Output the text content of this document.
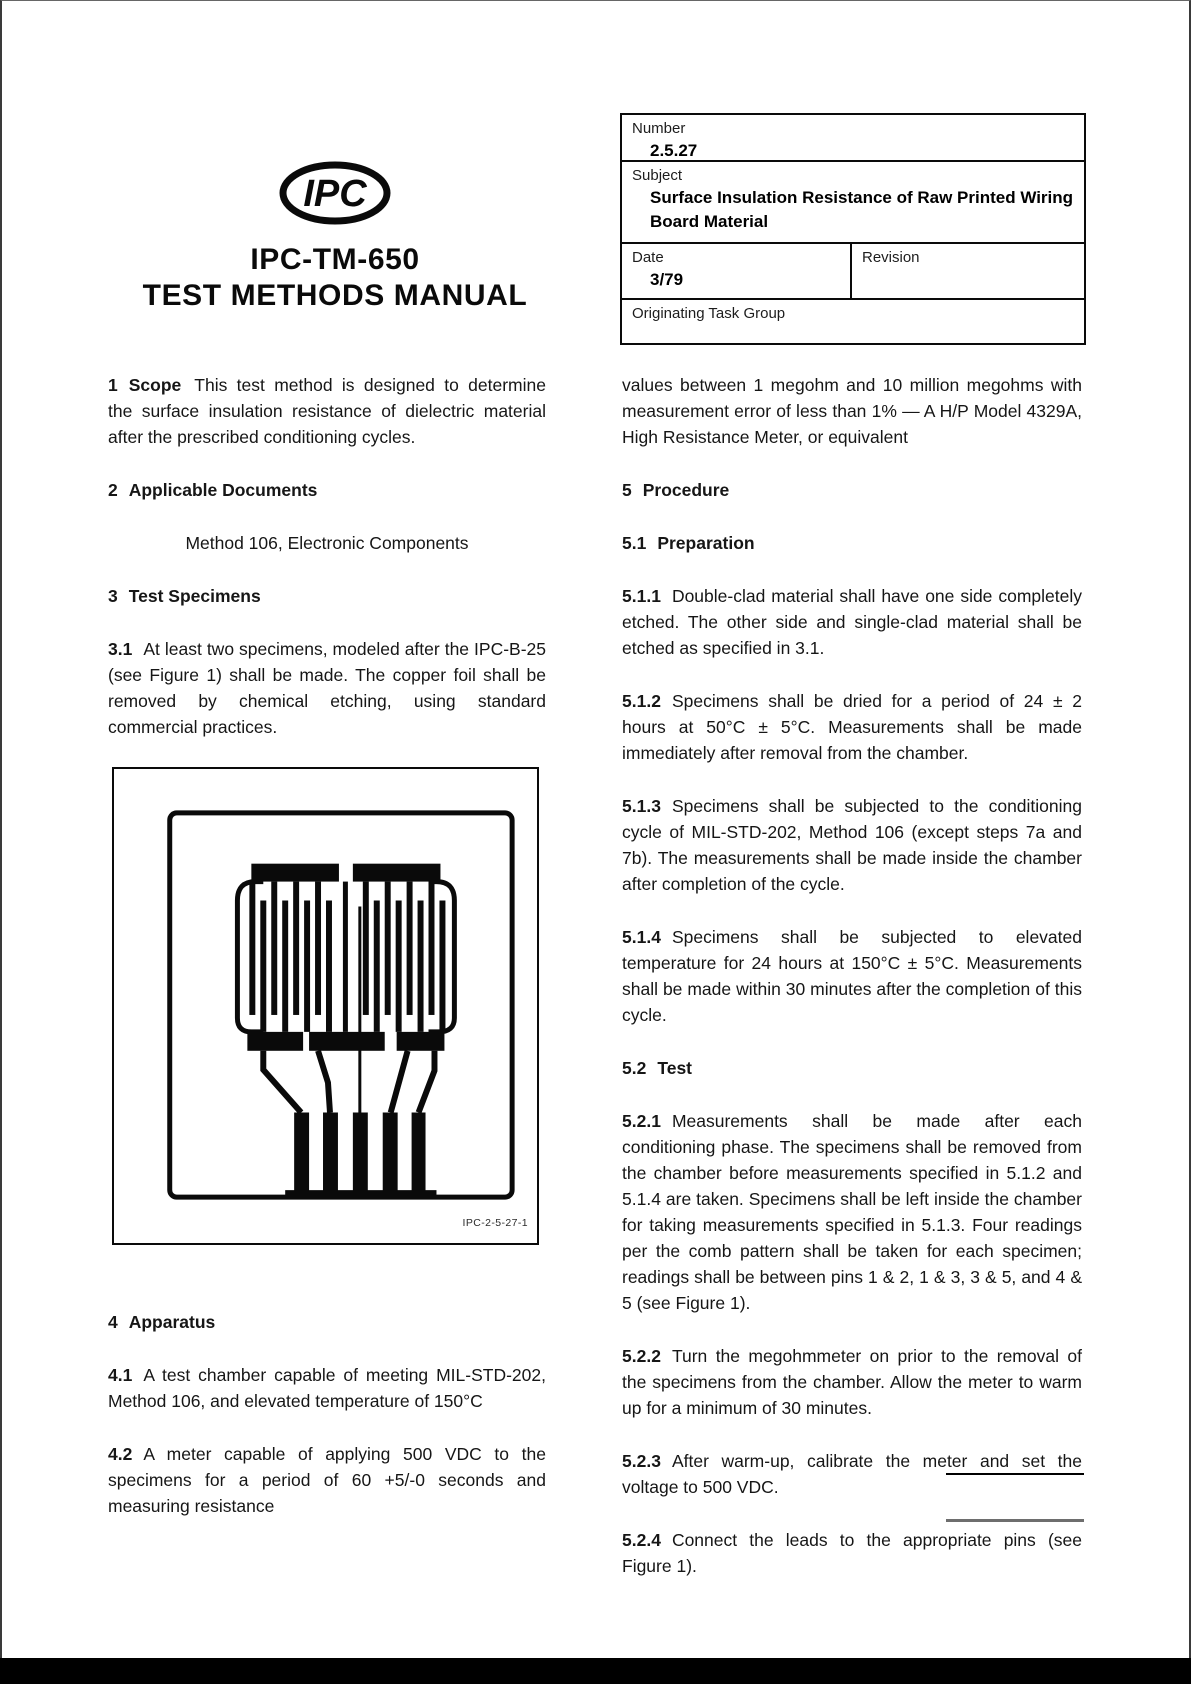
IPC
IPC-TM-650
TEST METHODS MANUAL
Number
2.5.27
Subject
Surface Insulation Resistance of Raw Printed Wiring Board Material
Date
3/79
Revision
Originating Task Group

1 Scope This test method is designed to determine the surface insulation resistance of dielectric material after the prescribed conditioning cycles.

2 Applicable Documents

Method 106, Electronic Components

3 Test Specimens

3.1 At least two specimens, modeled after the IPC-B-25 (see Figure 1) shall be made. The copper foil shall be removed by chemical etching, using standard commercial practices.

IPC-2-5-27-1

4 Apparatus

4.1 A test chamber capable of meeting MIL-STD-202, Method 106, and elevated temperature of 150°C

4.2 A meter capable of applying 500 VDC to the specimens for a period of 60 +5/-0 seconds and measuring resistance

values between 1 megohm and 10 million megohms with measurement error of less than 1% — A H/P Model 4329A, High Resistance Meter, or equivalent

5 Procedure

5.1 Preparation

5.1.1 Double-clad material shall have one side completely etched. The other side and single-clad material shall be etched as specified in 3.1.

5.1.2 Specimens shall be dried for a period of 24 ± 2 hours at 50°C ± 5°C. Measurements shall be made immediately after removal from the chamber.

5.1.3 Specimens shall be subjected to the conditioning cycle of MIL-STD-202, Method 106 (except steps 7a and 7b). The measurements shall be made inside the chamber after completion of the cycle.

5.1.4 Specimens shall be subjected to elevated temperature for 24 hours at 150°C ± 5°C. Measurements shall be made within 30 minutes after the completion of this cycle.

5.2 Test

5.2.1 Measurements shall be made after each conditioning phase. The specimens shall be removed from the chamber before measurements specified in 5.1.2 and 5.1.4 are taken. Specimens shall be left inside the chamber for taking measurements specified in 5.1.3. Four readings per the comb pattern shall be taken for each specimen; readings shall be between pins 1 & 2, 1 & 3, 3 & 5, and 4 & 5 (see Figure 1).

5.2.2 Turn the megohmmeter on prior to the removal of the specimens from the chamber. Allow the meter to warm up for a minimum of 30 minutes.

5.2.3 After warm-up, calibrate the meter and set the voltage to 500 VDC.

5.2.4 Connect the leads to the appropriate pins (see Figure 1).
